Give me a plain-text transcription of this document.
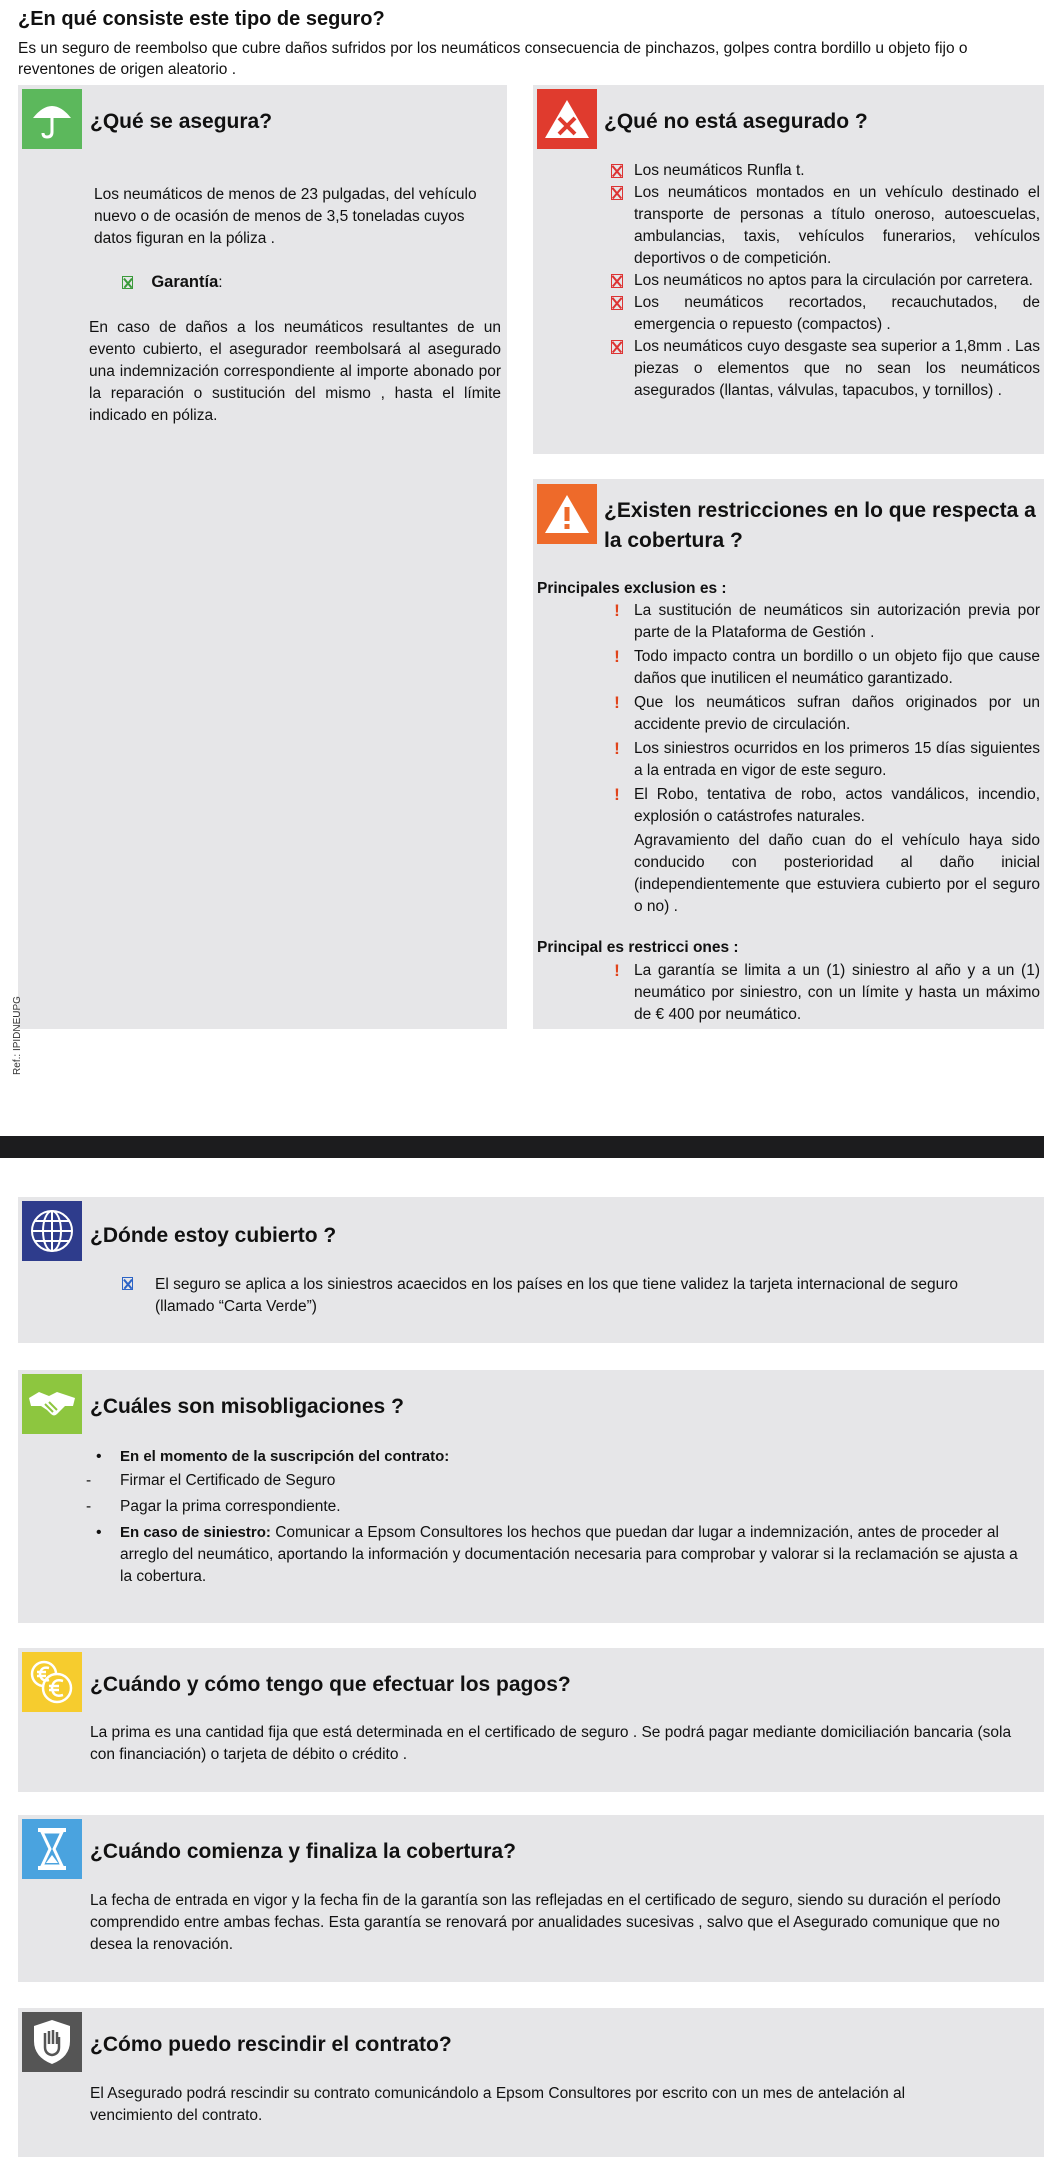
¿En qué consiste este tipo de seguro?
Es un seguro de reembolso que cubre daños sufridos por los neumáticos consecuencia de pinchazos, golpes contra bordillo u objeto fijo o reventones de origen aleatorio .
¿Qué se asegura?
Los neumáticos de menos de 23 pulgadas, del vehículo nuevo o de ocasión de menos de 3,5 toneladas cuyos datos figuran en la póliza .
Garantía:
En caso de daños a los neumáticos resultantes de un evento cubierto, el asegurador reembolsará al asegurado una indemnización correspondiente al importe abonado por la reparación o sustitución del mismo , hasta el límite indicado en póliza.
¿Qué no está asegurado ?
Los neumáticos Runfla t.
Los neumáticos montados en un vehículo destinado el transporte de personas a título oneroso, autoescuelas, ambulancias, taxis, vehículos funerarios, vehículos deportivos o de competición.
Los neumáticos no aptos para la circulación por carretera.
Los neumáticos recortados, recauchutados, de emergencia o repuesto (compactos) .
Los neumáticos cuyo desgaste sea superior a 1,8mm . Las piezas o elementos que no sean los neumáticos asegurados (llantas, válvulas, tapacubos, y tornillos) .
¿Existen restricciones en lo que respecta a la cobertura ?
Principales exclusion es :
! La sustitución de neumáticos sin autorización previa por parte de la Plataforma de Gestión .
! Todo impacto contra un bordillo o un objeto fijo que cause daños que inutilicen el neumático garantizado.
! Que los neumáticos sufran daños originados por un accidente previo de circulación.
! Los siniestros ocurridos en los primeros 15 días siguientes a la entrada en vigor de este seguro.
! El Robo, tentativa de robo, actos vandálicos, incendio, explosión o catástrofes naturales.
Agravamiento del daño cuan do el vehículo haya sido conducido con posterioridad al daño inicial (independientemente que estuviera cubierto por el seguro o no) .
Principal es restricci ones :
! La garantía se limita a un (1) siniestro al año y a un (1) neumático por siniestro, con un límite y hasta un máximo de € 400 por neumático.
Ref.: IPIDNEUPG
¿Dónde estoy cubierto ?
El seguro se aplica a los siniestros acaecidos en los países en los que tiene validez la tarjeta internacional de seguro (llamado “Carta Verde”)
¿Cuáles son misobligaciones ?
• En el momento de la suscripción del contrato:
- Firmar el Certificado de Seguro
- Pagar la prima correspondiente.
• En caso de siniestro: Comunicar a Epsom Consultores los hechos que puedan dar lugar a indemnización, antes de proceder al arreglo del neumático, aportando la información y documentación necesaria para comprobar y valorar si la reclamación se ajusta a la cobertura.
¿Cuándo y cómo tengo que efectuar los pagos?
La prima es una cantidad fija que está determinada en el certificado de seguro . Se podrá pagar mediante domiciliación bancaria (sola con financiación) o tarjeta de débito o crédito .
¿Cuándo comienza y finaliza la cobertura?
La fecha de entrada en vigor y la fecha fin de la garantía son las reflejadas en el certificado de seguro, siendo su duración el período comprendido entre ambas fechas. Esta garantía se renovará por anualidades sucesivas , salvo que el Asegurado comunique que no desea la renovación.
¿Cómo puedo rescindir el contrato?
El Asegurado podrá rescindir su contrato comunicándolo a Epsom Consultores por escrito con un mes de antelación al vencimiento del contrato.
